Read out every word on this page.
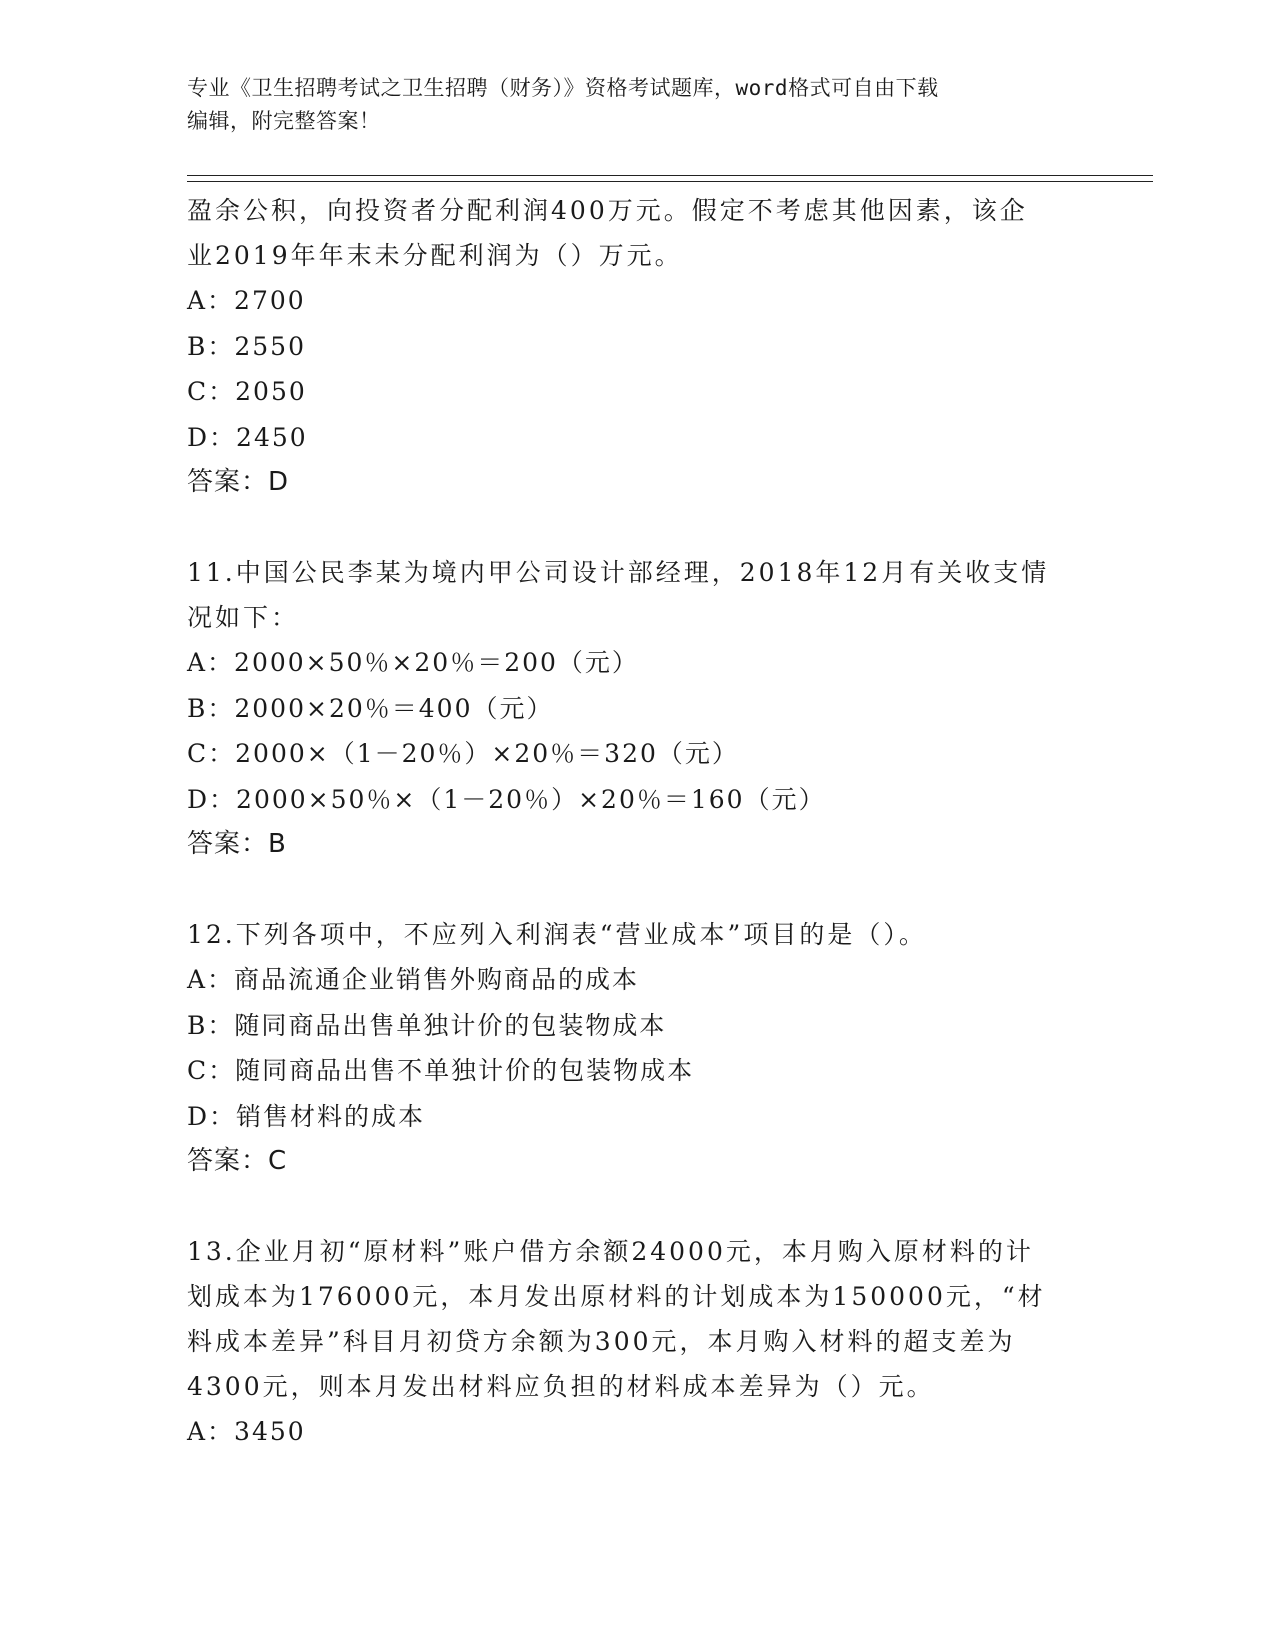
专业《卫生招聘考试之卫生招聘（财务）》资格考试题库，word格式可自由下载
编辑，附完整答案！

盈余公积，向投资者分配利润400万元。假定不考虑其他因素，该企

业2019年年末未分配利润为（）万元。

A：2700

B：2550

C：2050

D：2450

答案：D

11.中国公民李某为境内甲公司设计部经理，2018年12月有关收支情

况如下：

A：2000×50％×20％＝200（元）

B：2000×20％＝400（元）

C：2000×（1－20％）×20％＝320（元）

D：2000×50％×（1－20％）×20％＝160（元）

答案：B

12.下列各项中，不应列入利润表“营业成本”项目的是（）。

A：商品流通企业销售外购商品的成本

B：随同商品出售单独计价的包装物成本

C：随同商品出售不单独计价的包装物成本

D：销售材料的成本

答案：C

13.企业月初“原材料”账户借方余额24000元，本月购入原材料的计

划成本为176000元，本月发出原材料的计划成本为150000元，“材

料成本差异”科目月初贷方余额为300元，本月购入材料的超支差为

4300元，则本月发出材料应负担的材料成本差异为（）元。

A：3450
